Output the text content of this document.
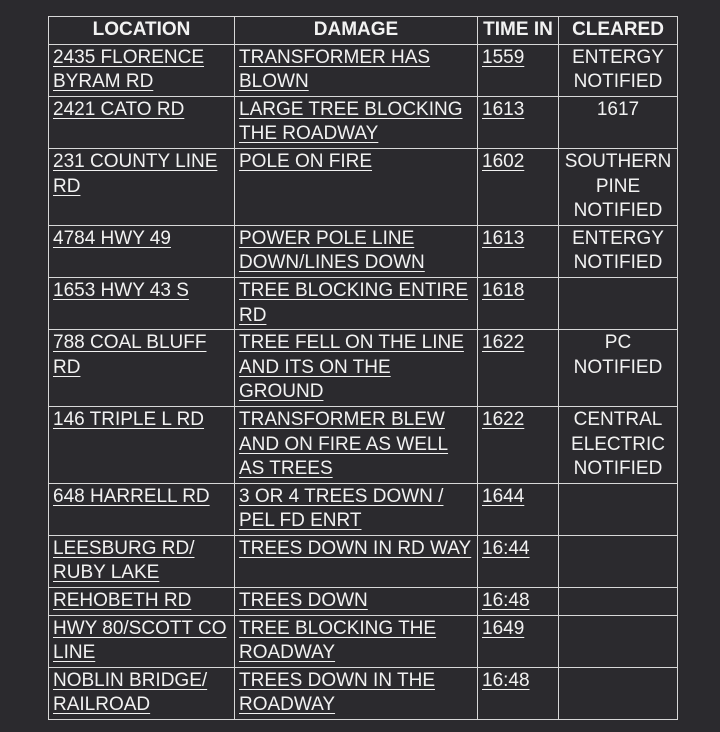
LOCATION	DAMAGE	TIME IN	CLEARED
2435 FLORENCE BYRAM RD	TRANSFORMER HAS BLOWN	1559	ENTERGY NOTIFIED
2421 CATO RD	LARGE TREE BLOCKING THE ROADWAY	1613	1617
231 COUNTY LINE RD	POLE ON FIRE	1602	SOUTHERN PINE NOTIFIED
4784 HWY 49	POWER POLE LINE DOWN/LINES DOWN	1613	ENTERGY NOTIFIED
1653 HWY 43 S	TREE BLOCKING ENTIRE RD	1618	
788 COAL BLUFF RD	TREE FELL ON THE LINE AND ITS ON THE GROUND	1622	PC NOTIFIED
146 TRIPLE L RD	TRANSFORMER BLEW AND ON FIRE AS WELL AS TREES	1622	CENTRAL ELECTRIC NOTIFIED
648 HARRELL RD	3 OR 4 TREES DOWN / PEL FD ENRT	1644	
LEESBURG RD/ RUBY LAKE	TREES DOWN IN RD WAY	16:44	
REHOBETH RD	TREES DOWN	16:48	
HWY 80/SCOTT CO LINE	TREE BLOCKING THE ROADWAY	1649	
NOBLIN BRIDGE/ RAILROAD	TREES DOWN IN THE ROADWAY	16:48	
